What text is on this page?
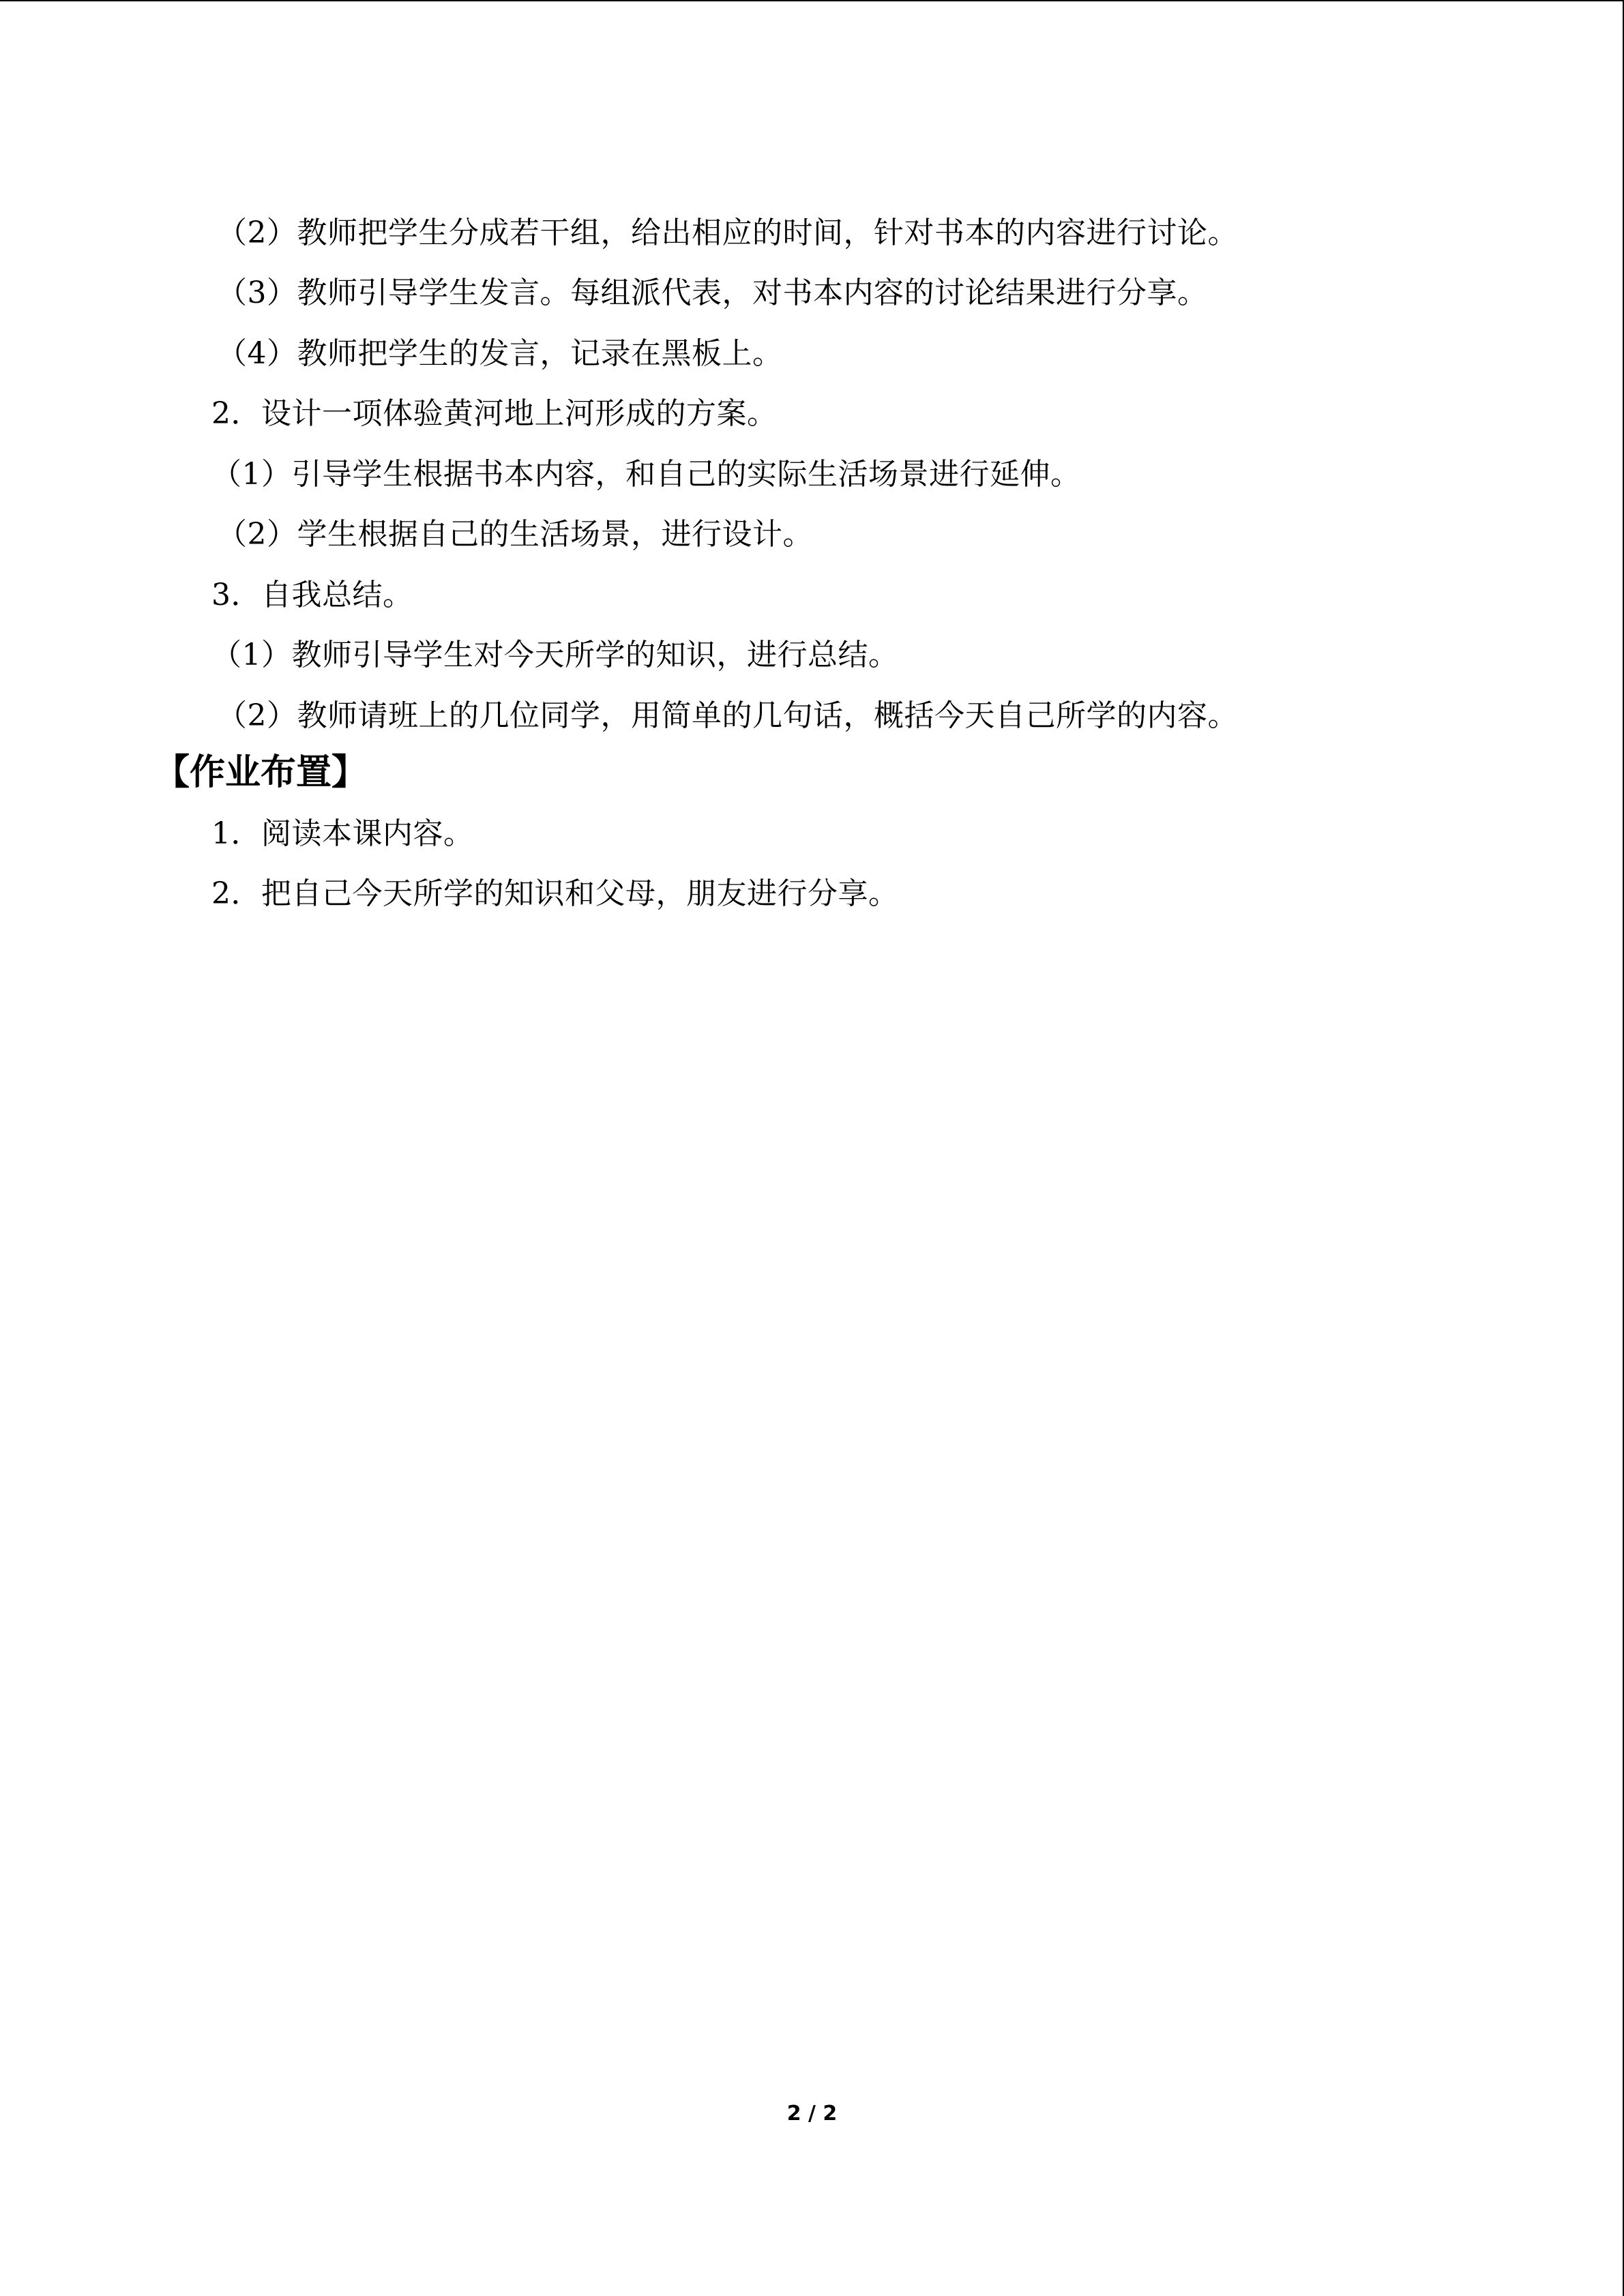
（2）教师把学生分成若干组，给出相应的时间，针对书本的内容进行讨论。
（3）教师引导学生发言。每组派代表，对书本内容的讨论结果进行分享。
（4）教师把学生的发言，记录在黑板上。
2．设计一项体验黄河地上河形成的方案。
（1）引导学生根据书本内容，和自己的实际生活场景进行延伸。
（2）学生根据自己的生活场景，进行设计。
3．自我总结。
（1）教师引导学生对今天所学的知识，进行总结。
（2）教师请班上的几位同学，用简单的几句话，概括今天自己所学的内容。
【作业布置】
1．阅读本课内容。
2．把自己今天所学的知识和父母，朋友进行分享。
2 / 2
